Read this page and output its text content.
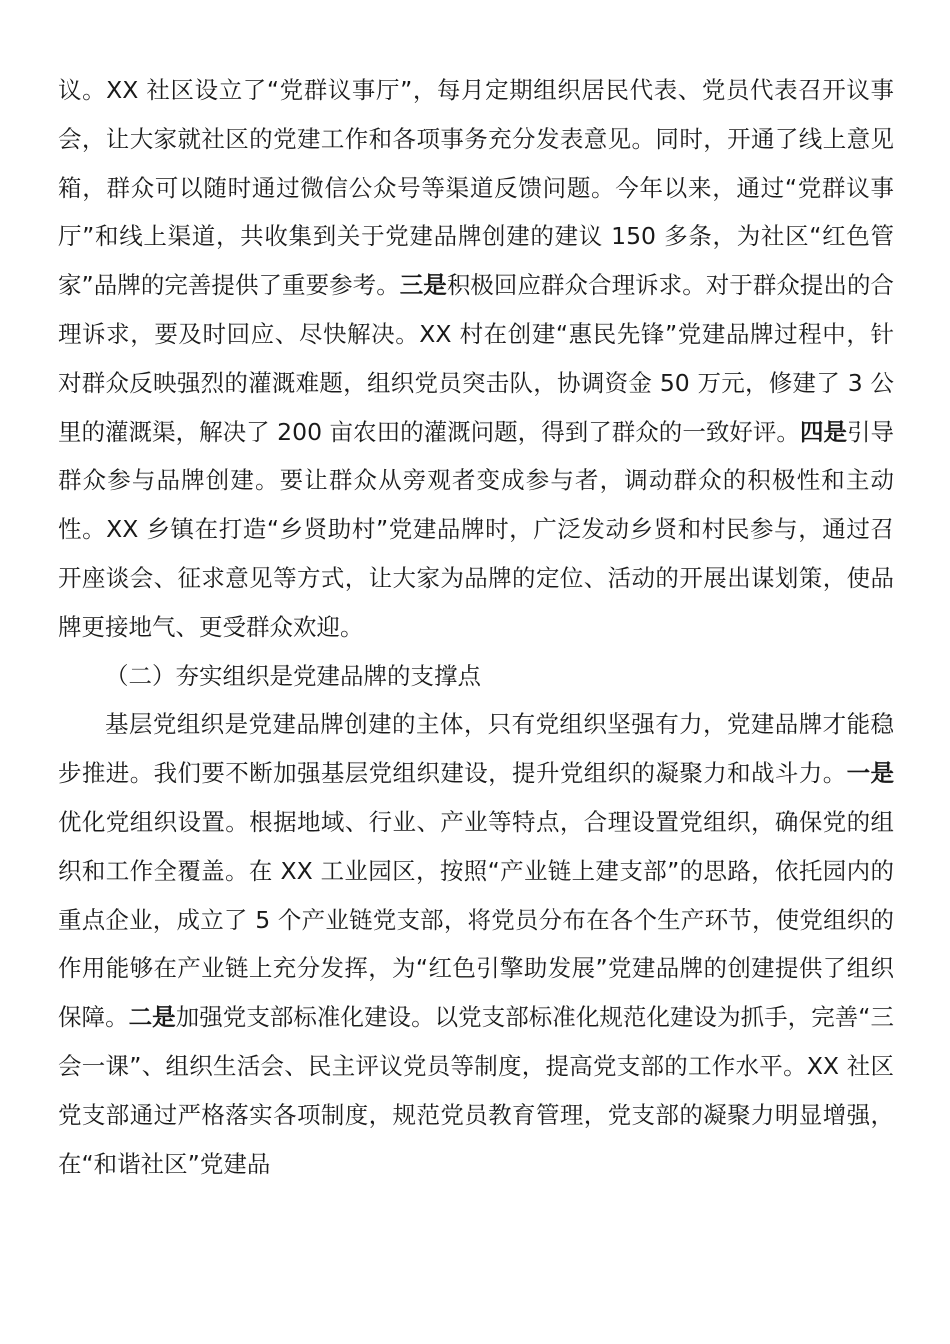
议。XX 社区设立了“党群议事厅”，每月定期组织居民代表、党员代表召开议事会，让大家就社区的党建工作和各项事务充分发表意见。同时，开通了线上意见箱，群众可以随时通过微信公众号等渠道反馈问题。今年以来，通过“党群议事厅”和线上渠道，共收集到关于党建品牌创建的建议 150 多条，为社区“红色管家”品牌的完善提供了重要参考。三是积极回应群众合理诉求。对于群众提出的合理诉求，要及时回应、尽快解决。XX 村在创建“惠民先锋”党建品牌过程中，针对群众反映强烈的灌溉难题，组织党员突击队，协调资金 50 万元，修建了 3 公里的灌溉渠，解决了 200 亩农田的灌溉问题，得到了群众的一致好评。四是引导群众参与品牌创建。要让群众从旁观者变成参与者，调动群众的积极性和主动性。XX 乡镇在打造“乡贤助村”党建品牌时，广泛发动乡贤和村民参与，通过召开座谈会、征求意见等方式，让大家为品牌的定位、活动的开展出谋划策，使品牌更接地气、更受群众欢迎。

（二）夯实组织是党建品牌的支撑点

基层党组织是党建品牌创建的主体，只有党组织坚强有力，党建品牌才能稳步推进。我们要不断加强基层党组织建设，提升党组织的凝聚力和战斗力。一是优化党组织设置。根据地域、行业、产业等特点，合理设置党组织，确保党的组织和工作全覆盖。在 XX 工业园区，按照“产业链上建支部”的思路，依托园内的重点企业，成立了 5 个产业链党支部，将党员分布在各个生产环节，使党组织的作用能够在产业链上充分发挥，为“红色引擎助发展”党建品牌的创建提供了组织保障。二是加强党支部标准化建设。以党支部标准化规范化建设为抓手，完善“三会一课”、组织生活会、民主评议党员等制度，提高党支部的工作水平。XX 社区党支部通过严格落实各项制度，规范党员教育管理，党支部的凝聚力明显增强，在“和谐社区”党建品
